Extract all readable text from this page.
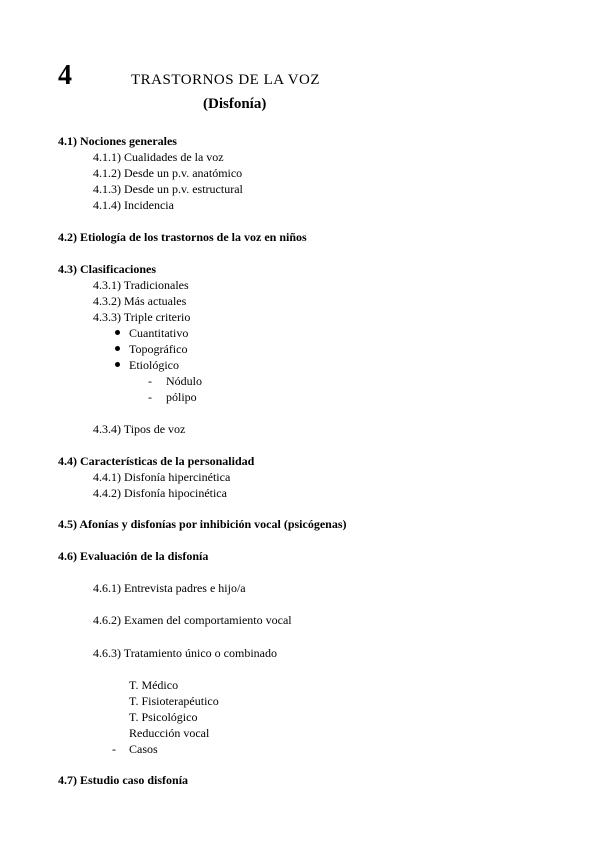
4	TRASTORNOS DE LA VOZ
(Disfonía)
4.1) Nociones generales
4.1.1) Cualidades de la voz
4.1.2) Desde un p.v. anatómico
4.1.3) Desde un p.v. estructural
4.1.4) Incidencia
4.2) Etiología de los trastornos de la voz en niños
4.3) Clasificaciones
4.3.1) Tradicionales
4.3.2) Más actuales
4.3.3) Triple criterio
Cuantitativo
Topográfico
Etiológico
- Nódulo
- pólipo
4.3.4) Tipos de voz
4.4) Características de la personalidad
4.4.1) Disfonía hipercinética
4.4.2) Disfonía hipocinética
4.5) Afonías y disfonías por inhibición vocal (psicógenas)
4.6) Evaluación de la disfonía
4.6.1) Entrevista padres e hijo/a
4.6.2) Examen del comportamiento vocal
4.6.3) Tratamiento único o combinado
T. Médico
T. Fisioterapéutico
T. Psicológico
Reducción vocal
- Casos
4.7) Estudio caso disfonía
